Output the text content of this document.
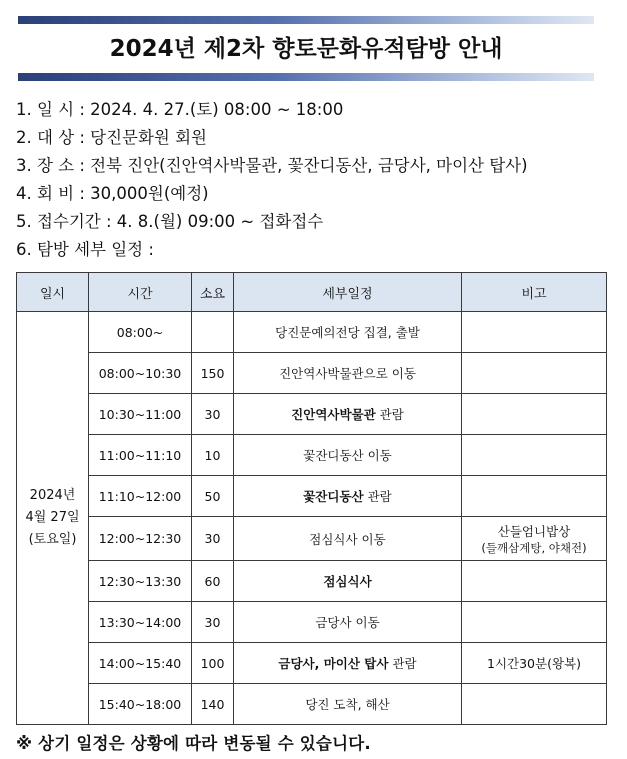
2024년 제2차 향토문화유적탐방 안내
1. 일 시 : 2024. 4. 27.(토) 08:00 ~ 18:00
2. 대 상 : 당진문화원 회원
3. 장 소 : 전북 진안(진안역사박물관, 꽃잔디동산, 금당사, 마이산 탑사)
4. 회 비 : 30,000원(예정)
5. 접수기간 : 4. 8.(월) 09:00 ~ 접화접수
6. 탐방 세부 일정 :
일시	시간	소요	세부일정	비고

2024년
4월 27일
(토요일)	08:00~		당진문예의전당 집결, 출발	

	08:00~10:30	150	진안역사박물관으로 이동	

	10:30~11:00	30	진안역사박물관 관람	

	11:00~11:10	10	꽃잔디동산 이동	

	11:10~12:00	50	꽃잔디동산 관람	

	12:00~12:30	30	점심식사 이동	산들엄니밥상
(들깨삼계탕, 야채전)

	12:30~13:30	60	점심식사	

	13:30~14:00	30	금당사 이동	

	14:00~15:40	100	금당사, 마이산 탑사 관람	1시간30분(왕복)

	15:40~18:00	140	당진 도착, 해산	
※ 상기 일정은 상황에 따라 변동될 수 있습니다.
